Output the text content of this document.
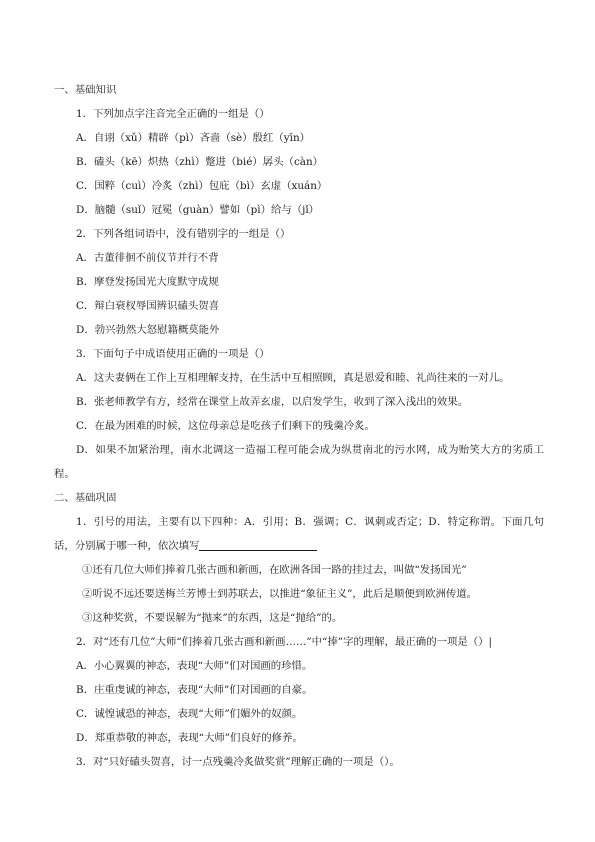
一、基础知识
1．下列加点字注音完全正确的一组是（）
A．自诩（xǔ）精辟（pì）吝啬（sè）殷红（yīn）
B．磕头（kē）炽热（zhì）蹩进（bié）孱头（càn）
C．国粹（cuì）冷炙（zhì）包庇（bì）玄虚（xuán）
D．脑髓（suǐ）冠冕（guàn）譬如（pì）给与（jǐ）
2．下列各组词语中，没有错别字的一组是（）
A．古董徘徊不前仪节并行不背
B．摩登发扬国光大度默守成规
C．辩白衰杈辱国辨识磕头贺喜
D．勃兴勃然大怒慰籍概莫能外
3．下面句子中成语使用正确的一项是（）
A．这夫妻俩在工作上互相理解支持，在生活中互相照顾，真是恩爱和睦、礼尚往来的一对儿。
B．张老师教学有方，经常在课堂上故弄玄虚，以启发学生，收到了深入浅出的效果。
C．在最为困难的时候，这位母亲总是吃孩子们剩下的残羹冷炙。
D．如果不加紧治理，南水北调这一造福工程可能会成为纵贯南北的污水网，成为贻笑大方的劣质工程。
二、基础巩固
1．引号的用法，主要有以下四种：A．引用；B．强调；C．讽刺或否定；D．特定称谓。下面几句话，分别属于哪一种，依次填写
①还有几位大师们捧着几张古画和新画，在欧洲各国一路的挂过去，叫做“发扬国光”
②听说不远还要送梅兰芳博士到苏联去，以推进“象征主义”，此后是顺便到欧洲传道。
③这种奖赏，不要误解为“抛来”的东西，这是“抛给”的。
2．对“还有几位”大师“们捧着几张古画和新画……”中“捧”字的理解，最正确的一项是（）|
A．小心翼翼的神态，表现“大师”们对国画的珍惜。
B．庄重虔诚的神态，表现“大师”们对国画的自豪。
C．诚惶诚恐的神态，表现“大师”们媚外的奴颜。
D．郑重恭敬的神态，表现“大师”们良好的修养。
3．对“只好磕头贺喜，讨一点残羹冷炙做奖赏”理解正确的一项是（）。
